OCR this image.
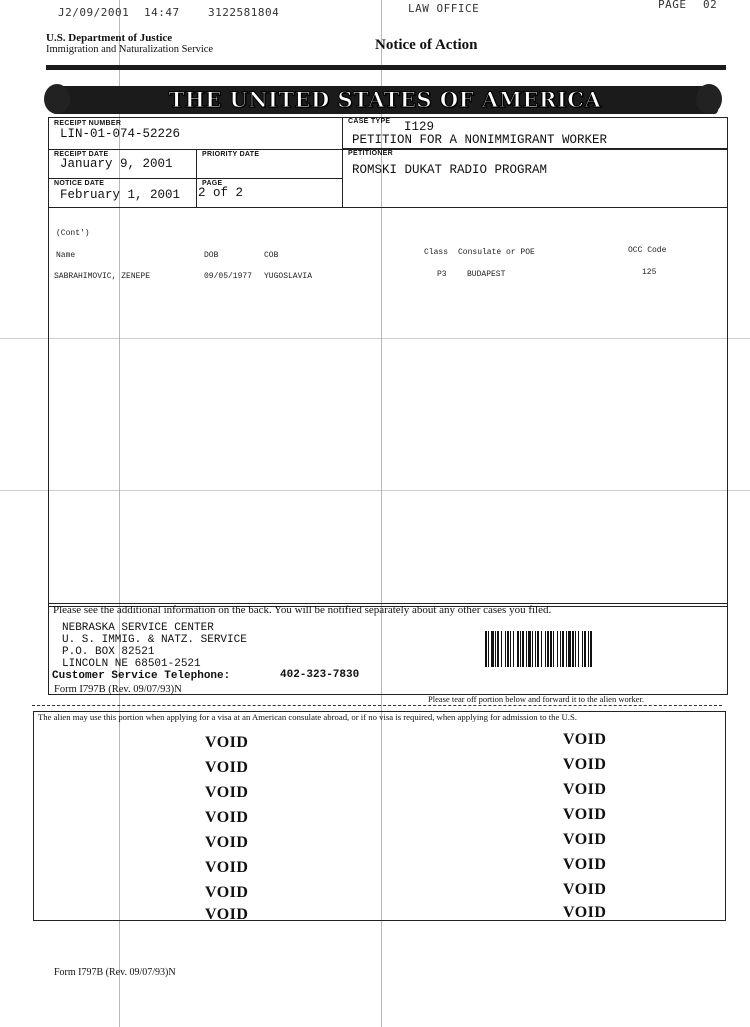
J2/09/2001 14:47	3122581804	LAW OFFICE	PAGE 02
U.S. Department of Justice
Immigration and Naturalization Service	Notice of Action
THE UNITED STATES OF AMERICA
RECEIPT NUMBER
LIN-01-074-52226
CASE TYPE I129
PETITION FOR A NONIMMIGRANT WORKER
RECEIPT DATE
January 9, 2001
PRIORITY DATE	PETITIONER
ROMSKI DUKAT RADIO PROGRAM
NOTICE DATE
February 1, 2001
PAGE
2 of 2
(Cont')
Name	DOB	COB	Class Consulate or POE	OCC Code
SABRAHIMOVIC, ZENEPE	09/05/1977 YUGOSLAVIA	P3	BUDAPEST	125
Please see the additional information on the back. You will be notified separately about any other cases you filed.
NEBRASKA SERVICE CENTER
U. S. IMMIG. & NATZ. SERVICE
P.O. BOX 82521
LINCOLN NE 68501-2521
Customer Service Telephone:	402-323-7830
Form I797B (Rev. 09/07/93)N
Please tear off portion below and forward it to the alien worker.
The alien may use this portion when applying for a visa at an American consulate abroad, or if no visa is required, when applying for admission to the U.S.
VOID
VOID
VOID
VOID
VOID
VOID
VOID
VOID
VOID
VOID
VOID
VOID
VOID
VOID
VOID
VOID
Form I797B (Rev. 09/07/93)N
